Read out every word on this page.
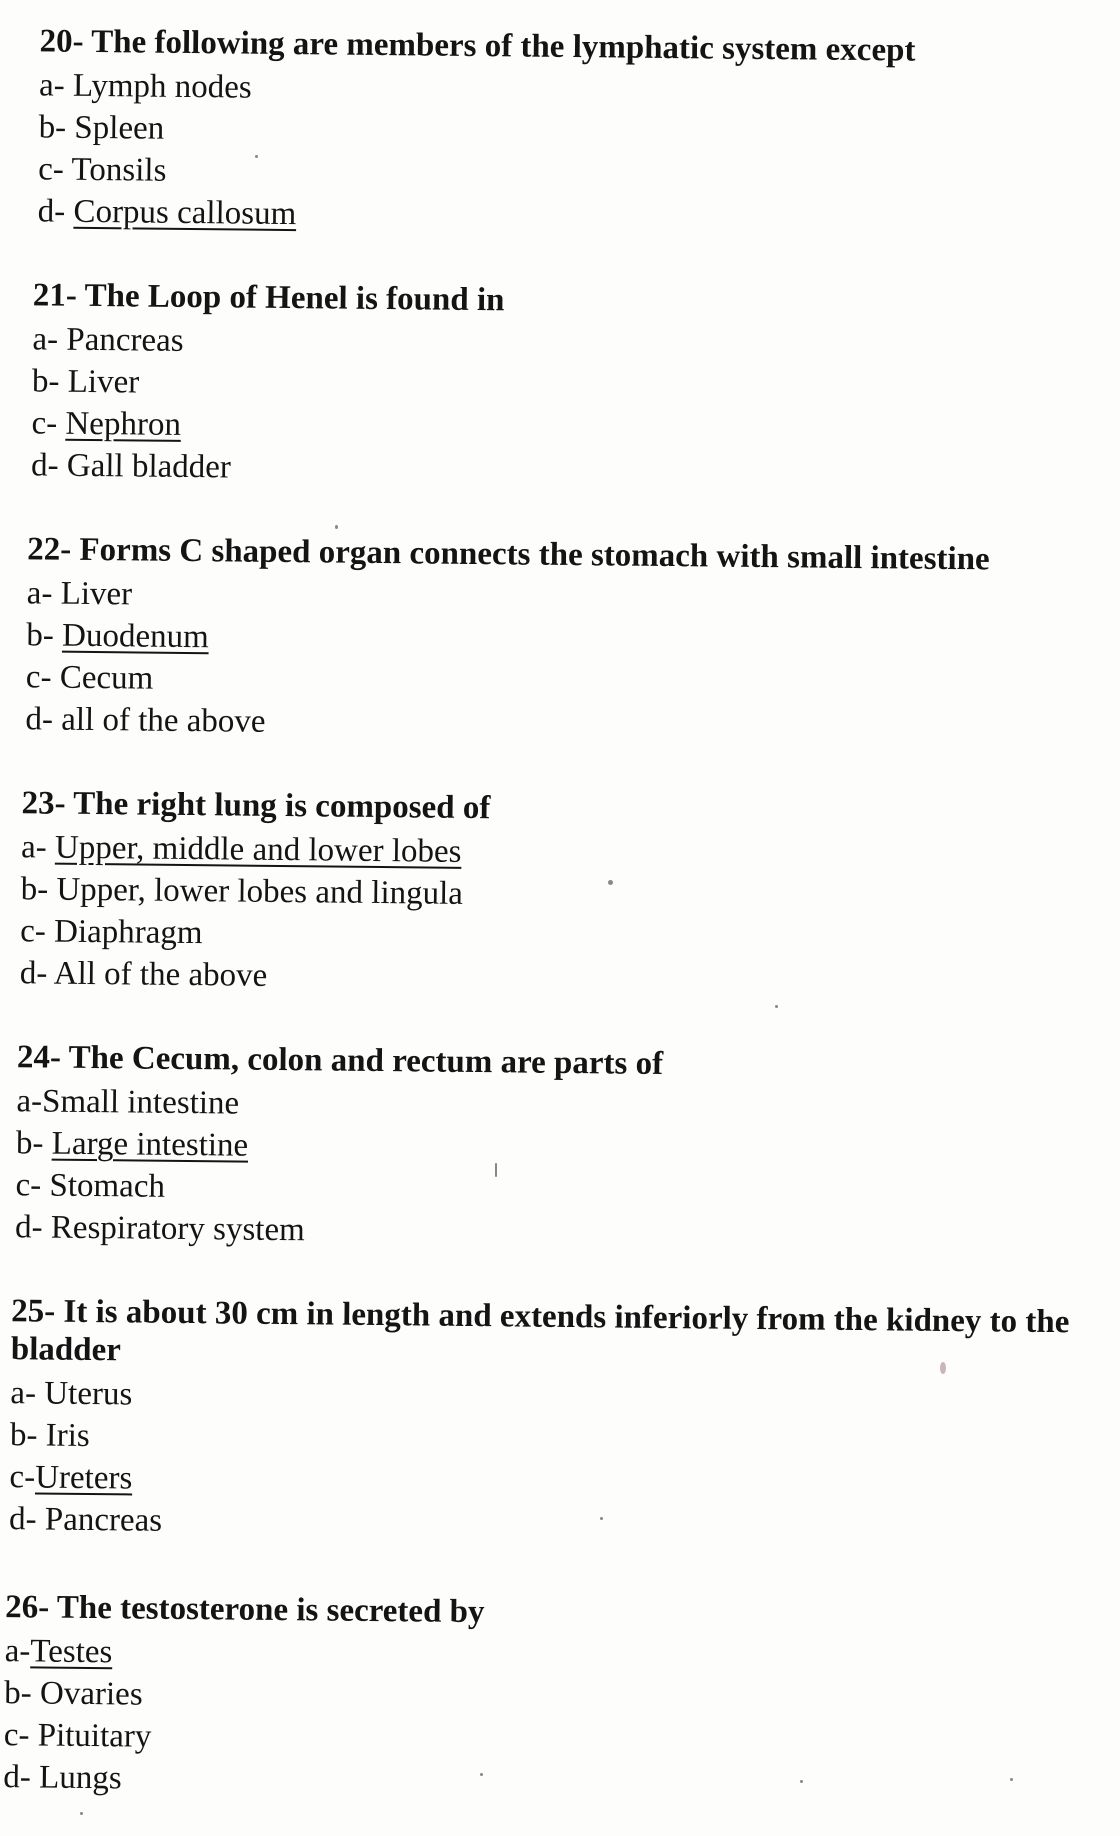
20- The following are members of the lymphatic system except
a- Lymph nodes
b- Spleen
c- Tonsils
d- Corpus callosum
21- The Loop of Henel is found in
a- Pancreas
b- Liver
c- Nephron
d- Gall bladder
22- Forms C shaped organ connects the stomach with small intestine
a- Liver
b- Duodenum
c- Cecum
d- all of the above
23- The right lung is composed of
a- Upper, middle and lower lobes
b- Upper, lower lobes and lingula
c- Diaphragm
d- All of the above
24- The Cecum, colon and rectum are parts of
a-Small intestine
b- Large intestine
c- Stomach
d- Respiratory system
25- It is about 30 cm in length and extends inferiorly from the kidney to the bladder
a- Uterus
b- Iris
c-Ureters
d- Pancreas
26- The testosterone is secreted by
a-Testes
b- Ovaries
c- Pituitary
d- Lungs
